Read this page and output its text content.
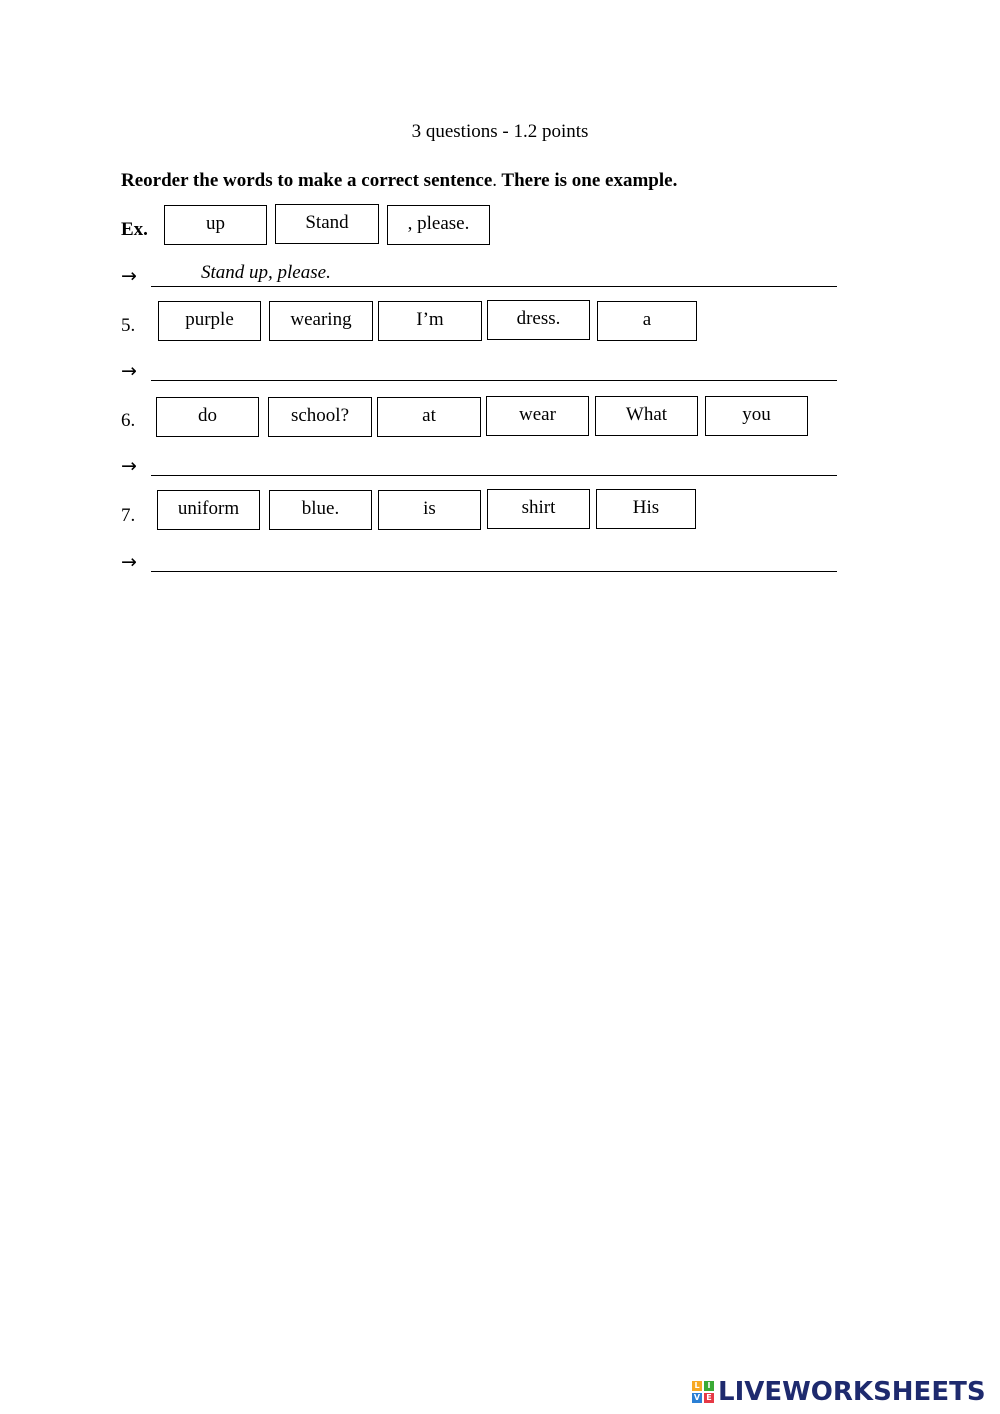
3 questions - 1.2 points
Reorder the words to make a correct sentence. There is one example.
Ex.	up	Stand	, please.
→	Stand up, please.
5.	purple	wearing	I’m	dress.	a
→
6.	do	school?	at	wear	What	you
→
7.	uniform	blue.	is	shirt	His
→
L I
V E LIVEWORKSHEETS
